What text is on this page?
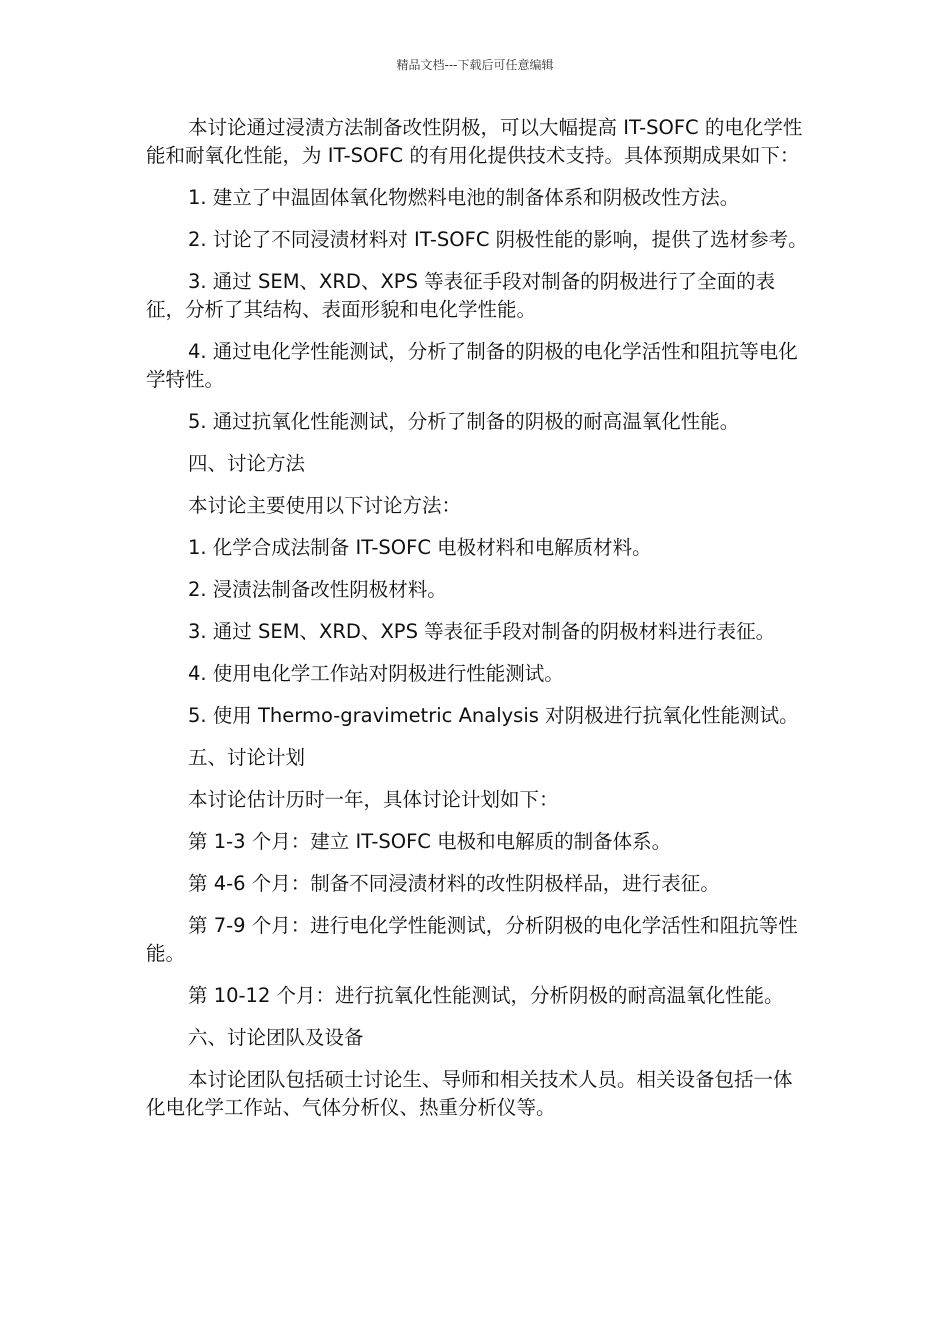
精品文档---下载后可任意编辑

本讨论通过浸渍方法制备改性阴极，可以大幅提高 IT-SOFC 的电化学性能和耐氧化性能，为 IT-SOFC 的有用化提供技术支持。具体预期成果如下：

1. 建立了中温固体氧化物燃料电池的制备体系和阴极改性方法。

2. 讨论了不同浸渍材料对 IT-SOFC 阴极性能的影响，提供了选材参考。

3. 通过 SEM、XRD、XPS 等表征手段对制备的阴极进行了全面的表征，分析了其结构、表面形貌和电化学性能。

4. 通过电化学性能测试，分析了制备的阴极的电化学活性和阻抗等电化学特性。

5. 通过抗氧化性能测试，分析了制备的阴极的耐高温氧化性能。

四、讨论方法

本讨论主要使用以下讨论方法：

1. 化学合成法制备 IT-SOFC 电极材料和电解质材料。

2. 浸渍法制备改性阴极材料。

3. 通过 SEM、XRD、XPS 等表征手段对制备的阴极材料进行表征。

4. 使用电化学工作站对阴极进行性能测试。

5. 使用 Thermo-gravimetric Analysis 对阴极进行抗氧化性能测试。

五、讨论计划

本讨论估计历时一年，具体讨论计划如下：

第 1-3 个月：建立 IT-SOFC 电极和电解质的制备体系。

第 4-6 个月：制备不同浸渍材料的改性阴极样品，进行表征。

第 7-9 个月：进行电化学性能测试，分析阴极的电化学活性和阻抗等性能。

第 10-12 个月：进行抗氧化性能测试，分析阴极的耐高温氧化性能。

六、讨论团队及设备

本讨论团队包括硕士讨论生、导师和相关技术人员。相关设备包括一体化电化学工作站、气体分析仪、热重分析仪等。
